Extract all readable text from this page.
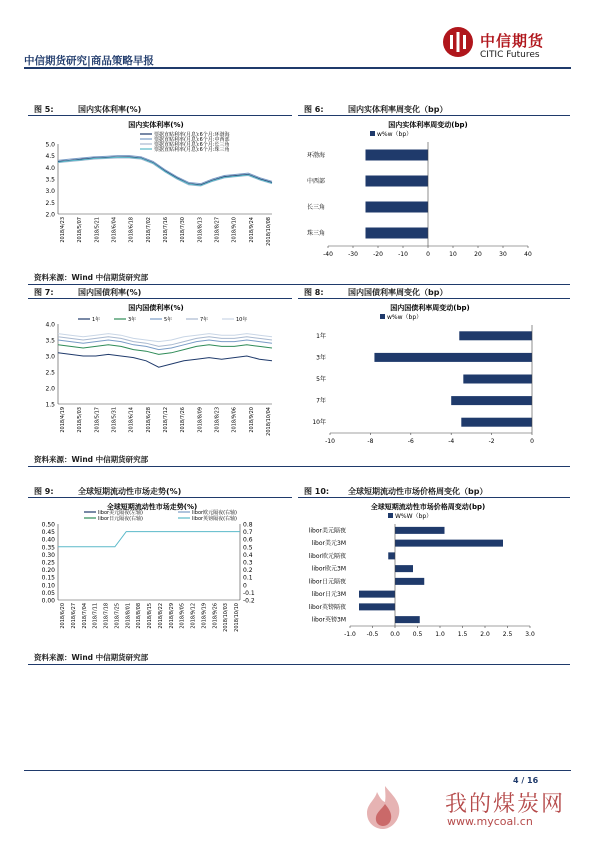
中信期货研究|商品策略早报
中信期货
CITIC Futures
图 5:	国内实体利率(%)	图 6:	国内实体利率周变化（bp）
图 7:	国内国债利率(%)	图 8:	国内国债利率周变化（bp）
图 9:	全球短期流动性市场走势(%)	图 10: 全球短期流动性市场价格周变化（bp）
国内实体利率(%)
5.0
4.5
4.0
3.5
3.0
2.5
2.0
2018/4/23 2018/5/07 2018/5/21 2018/6/04 2018/6/18 2018/7/02 2018/7/16 2018/7/30 2018/8/13 2018/8/27 2018/9/10 2018/9/24 2018/10/08
票据直贴利率(月息):6个月:环渤海
票据直贴利率(月息):6个月:中西部
票据直贴利率(月息):6个月:长三角
票据直贴利率(月息):6个月:珠三角
国内实体利率周变动(bp)
w%w（bp）
环渤海
中西部
长三角
珠三角
-40	-30	-20	-10	0	10	20	30	40
国内国债利率(%)
4.0
3.5
3.0
2.5
2.0
1.5
2018/4/19 2018/5/03 2018/5/17 2018/5/31 2018/6/14 2018/6/28 2018/7/12 2018/7/26 2018/8/09 2018/8/23 2018/9/06 2018/9/20 2018/10/04
1年	3年	5年	7年	10年
国内国债利率周变动(bp)
w%w（bp）
1年
3年
5年
7年
10年
-10	-8	-6	-4	-2	0
全球短期流动性市场走势(%)
0.50
0.45
0.40
0.35
0.30
0.25
0.20
0.15
0.10
0.05
0.00
0.8
0.7
0.6
0.5
0.4
0.3
0.2
0.1
0
-0.1
-0.2
2018/6/20 2018/6/27 2018/7/04 2018/7/11 2018/7/18 2018/7/25 2018/8/01 2018/8/08 2018/8/15 2018/8/22 2018/8/29 2018/9/05 2018/9/12 2018/9/19 2018/9/26 2018/10/03 2018/10/10
libor美元隔夜(左轴)	libor欧元隔夜(右轴)
libor日元隔夜(右轴)	libor英镑隔夜(右轴)
全球短期流动性市场价格周变动(bp)
W%W（bp）
libor美元隔夜
libor美元3M
libor欧元隔夜
libor欧元3M
libor日元隔夜
libor日元3M
libor英镑隔夜
libor英镑3M
-1.0 -0.5 0.0 0.5 1.0 1.5 2.0 2.5 3.0
资料来源：Wind 中信期货研究部
资料来源：Wind 中信期货研究部
资料来源：Wind 中信期货研究部
4 / 16
我的煤炭网
www.mycoal.cn
